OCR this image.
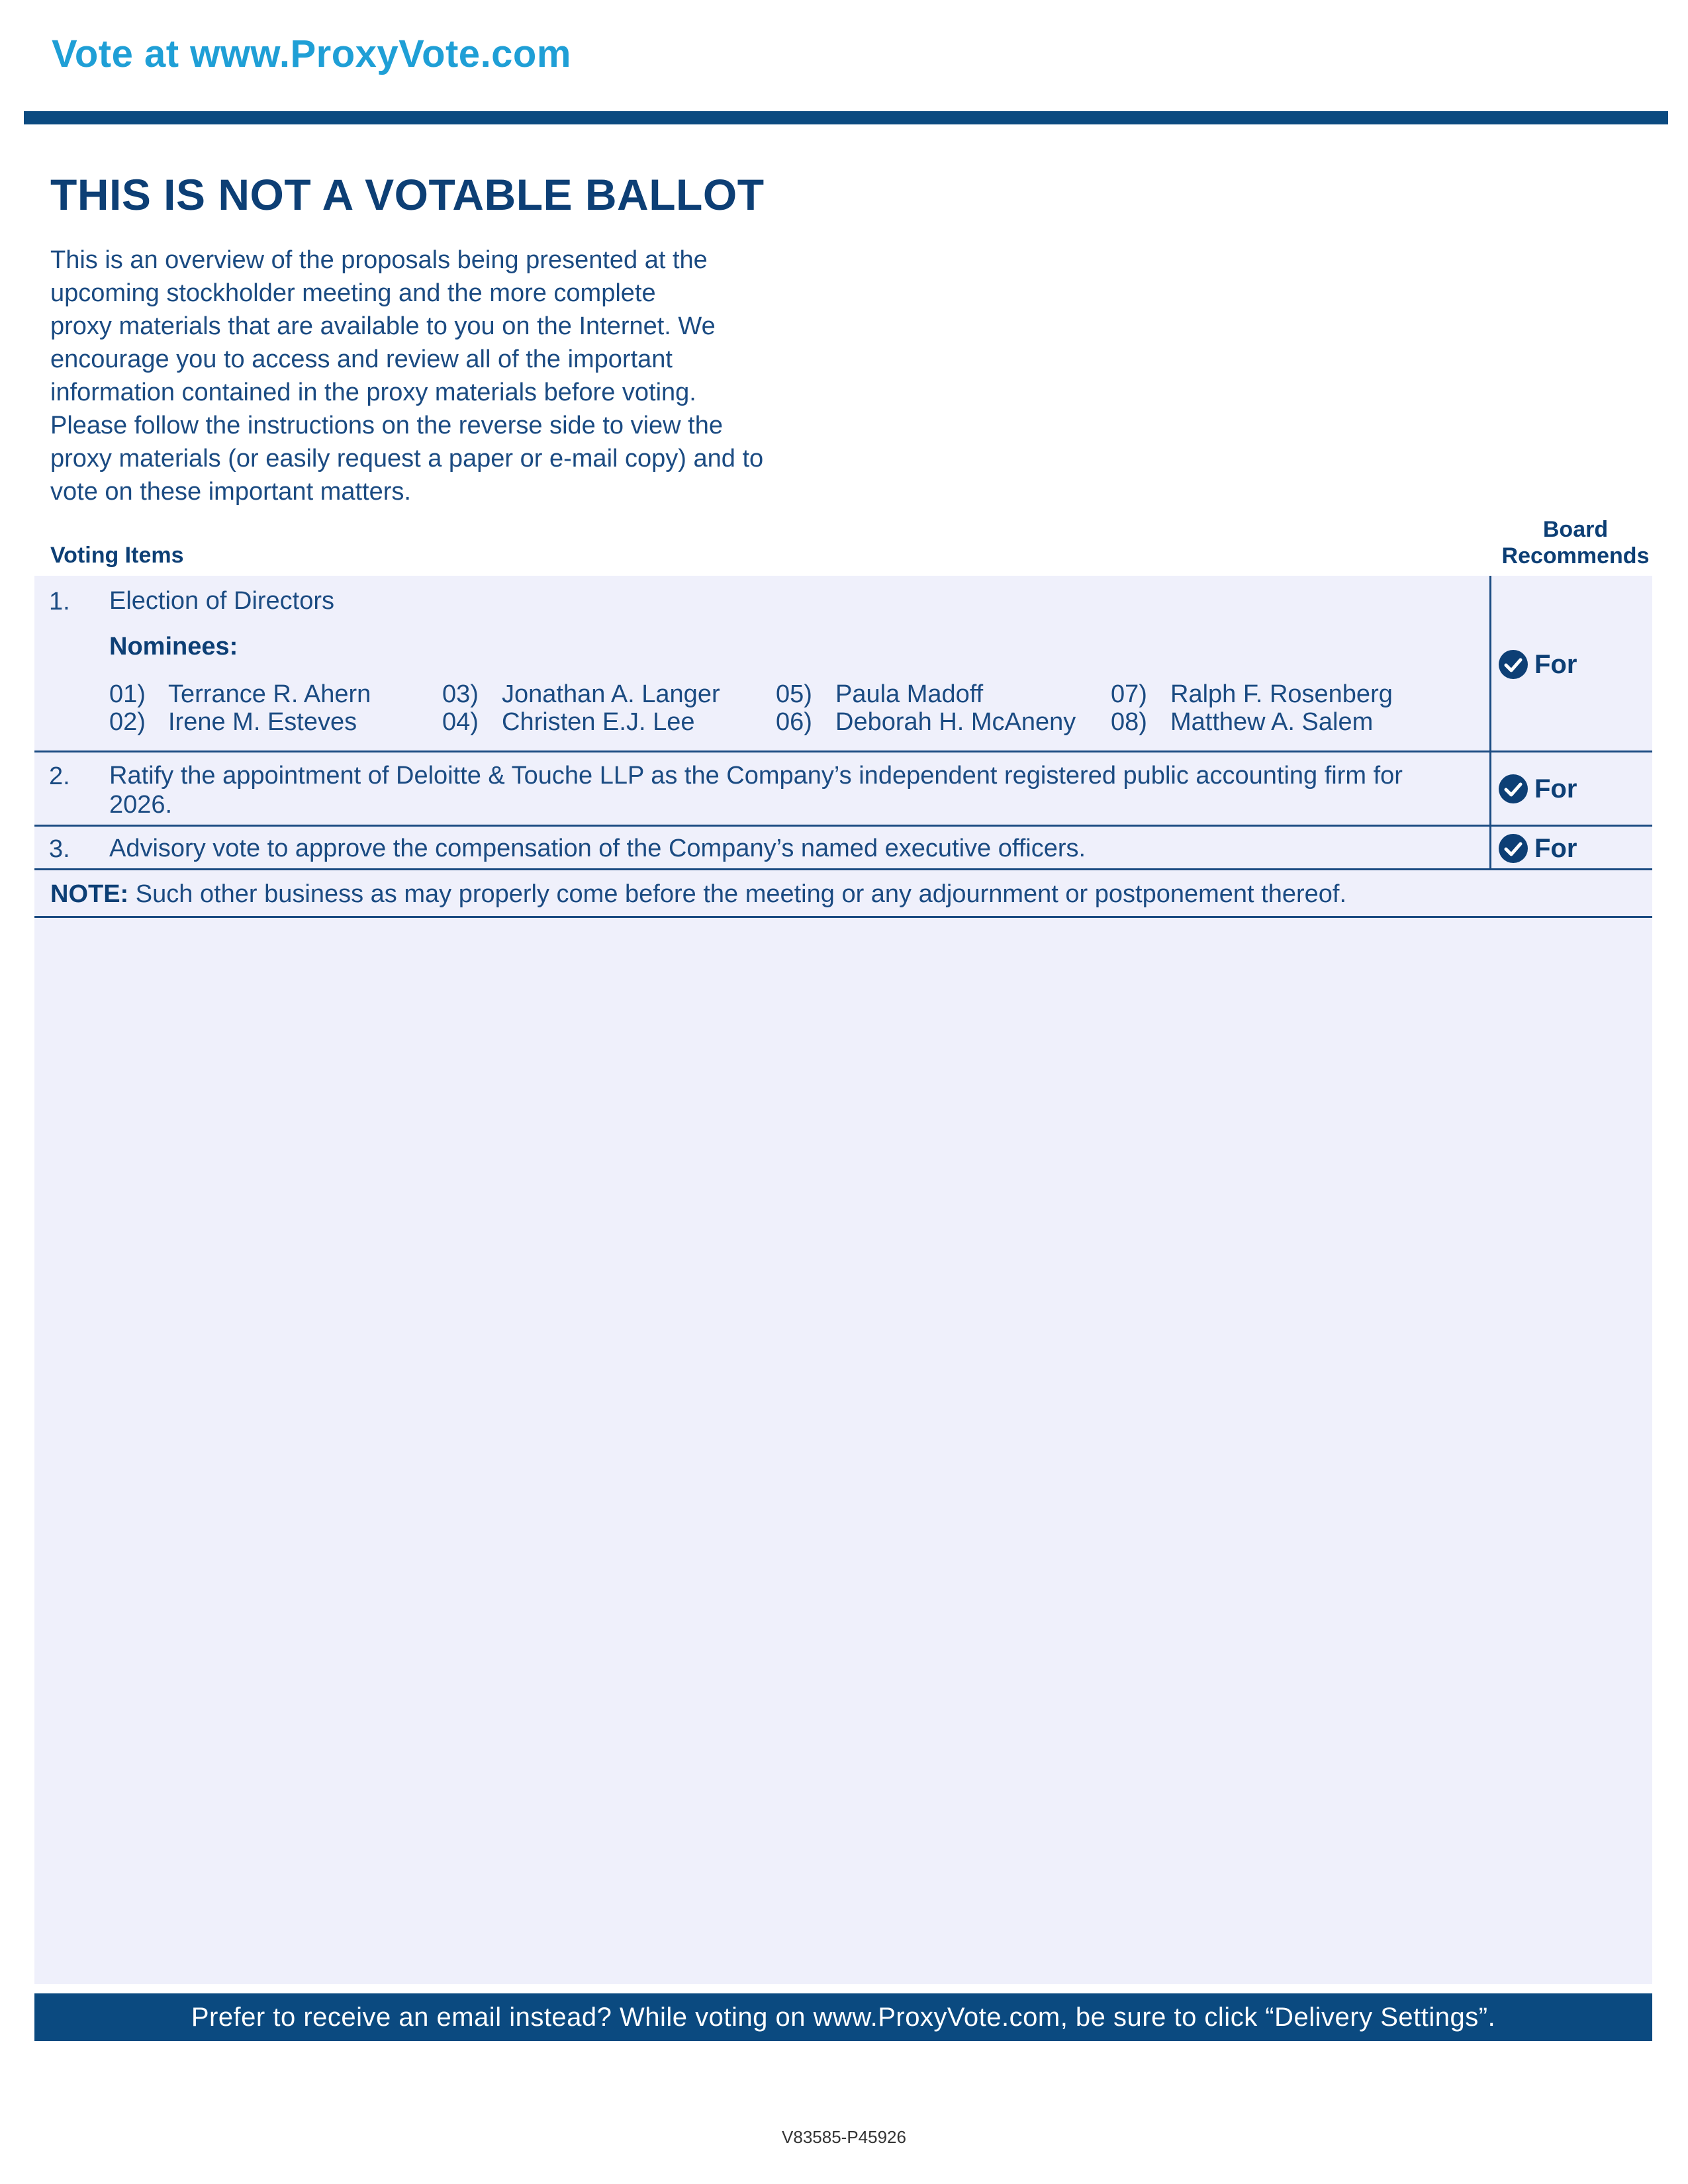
Vote at www.ProxyVote.com
THIS IS NOT A VOTABLE BALLOT
This is an overview of the proposals being presented at the
upcoming stockholder meeting and the more complete
proxy materials that are available to you on the Internet. We
encourage you to access and review all of the important
information contained in the proxy materials before voting.
Please follow the instructions on the reverse side to view the
proxy materials (or easily request a paper or e-mail copy) and to
vote on these important matters.
Board
Recommends
Voting Items
1. Election of Directors
Nominees:
01) Terrance R. Ahern
02) Irene M. Esteves
03) Jonathan A. Langer
04) Christen E.J. Lee
05) Paula Madoff
06) Deborah H. McAneny
07) Ralph F. Rosenberg
08) Matthew A. Salem
For
2. Ratify the appointment of Deloitte & Touche LLP as the Company’s independent registered public accounting firm for
2026.
For
3. Advisory vote to approve the compensation of the Company’s named executive officers.	For
NOTE: Such other business as may properly come before the meeting or any adjournment or postponement thereof.
Prefer to receive an email instead? While voting on www.ProxyVote.com, be sure to click “Delivery Settings”.
V83585-P45926
